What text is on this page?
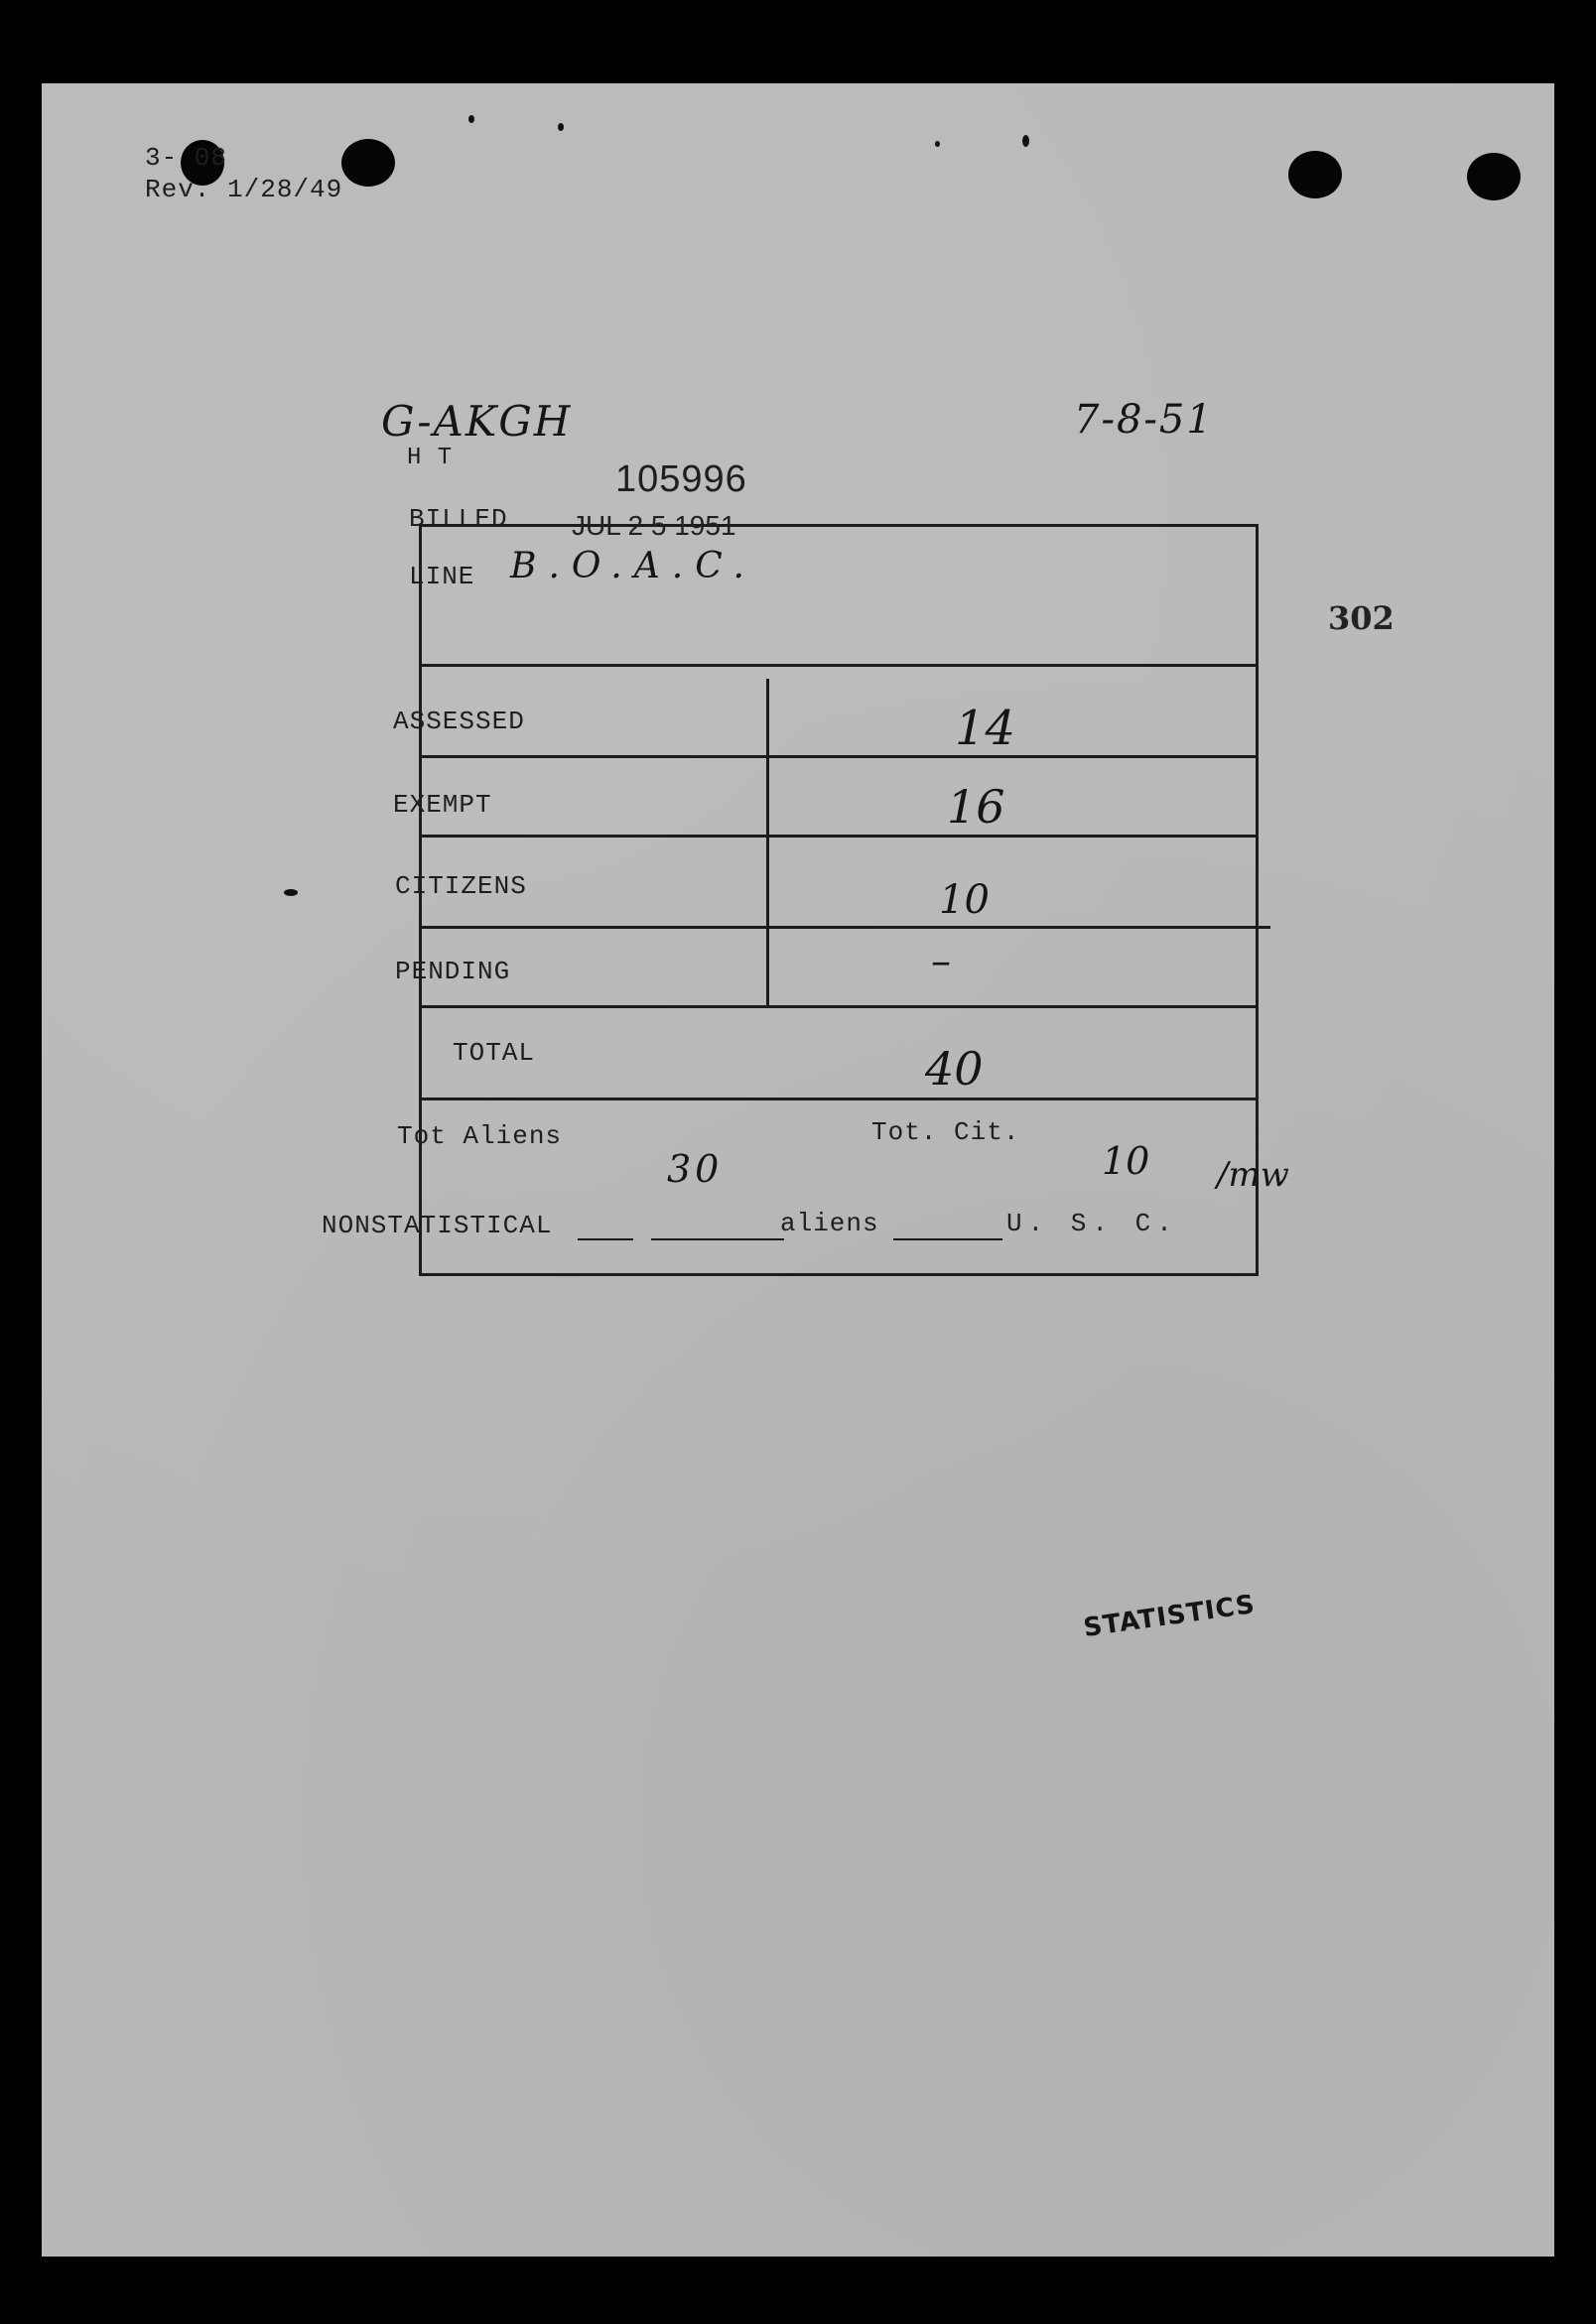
3- 08
Rev. 1/28/49
G-AKGH	7-8-51
302
H T
105996
BILLED JUL 2 5 1951
LINE B.O.A.C.
ASSESSED	14
EXEMPT	16
CITIZENS	10
PENDING	–
TOTAL	40
Tot Aliens
30
Tot. Cit.
10 /mw
NONSTATISTICAL	aliens	U. S. C.
STATISTICS
